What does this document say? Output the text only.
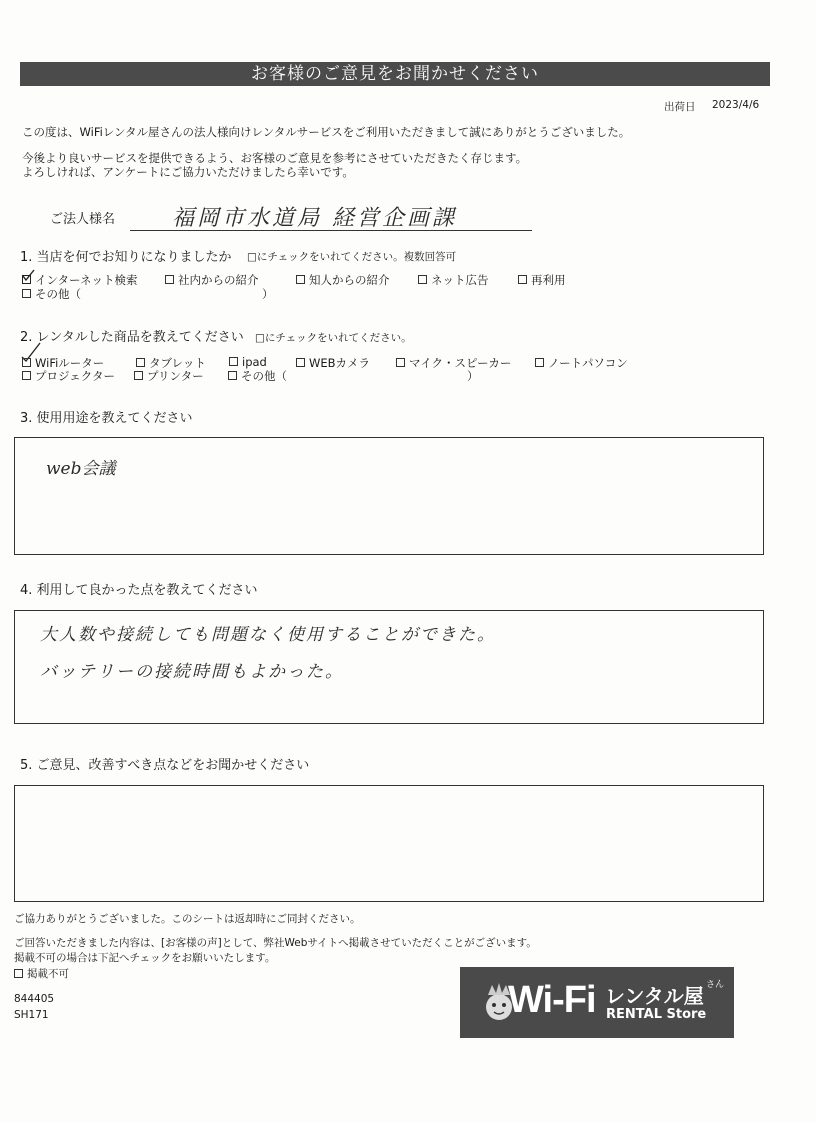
お客様のご意見をお聞かせください
出荷日 2023/4/6
この度は、WiFiレンタル屋さんの法人様向けレンタルサービスをご利用いただきまして誠にありがとうございました。
今後より良いサービスを提供できるよう、お客様のご意見を参考にさせていただきたく存じます。
よろしければ、アンケートにご協力いただけましたら幸いです。
ご法人様名	福岡市水道局 経営企画課
1. 当店を何でお知りになりましたか □にチェックをいれてください。複数回答可
インターネット検索	社内からの紹介	知人からの紹介	ネット広告	再利用
その他（	）
2. レンタルした商品を教えてください □にチェックをいれてください。
WiFiルーター	タブレット	ipad	WEBカメラ	マイク・スピーカー	ノートパソコン
プロジェクター	プリンター	その他（	）
3. 使用用途を教えてください
web会議
4. 利用して良かった点を教えてください
大人数や接続しても問題なく使用することができた。
バッテリーの接続時間もよかった。
5. ご意見、改善すべき点などをお聞かせください
ご協力ありがとうございました。このシートは返却時にご同封ください。
ご回答いただきました内容は、[お客様の声]として、弊社Webサイトへ掲載させていただくことがございます。
掲載不可の場合は下記へチェックをお願いいたします。
掲載不可
844405
SH171	Wi-Fi レンタル屋 さん
RENTAL Store
